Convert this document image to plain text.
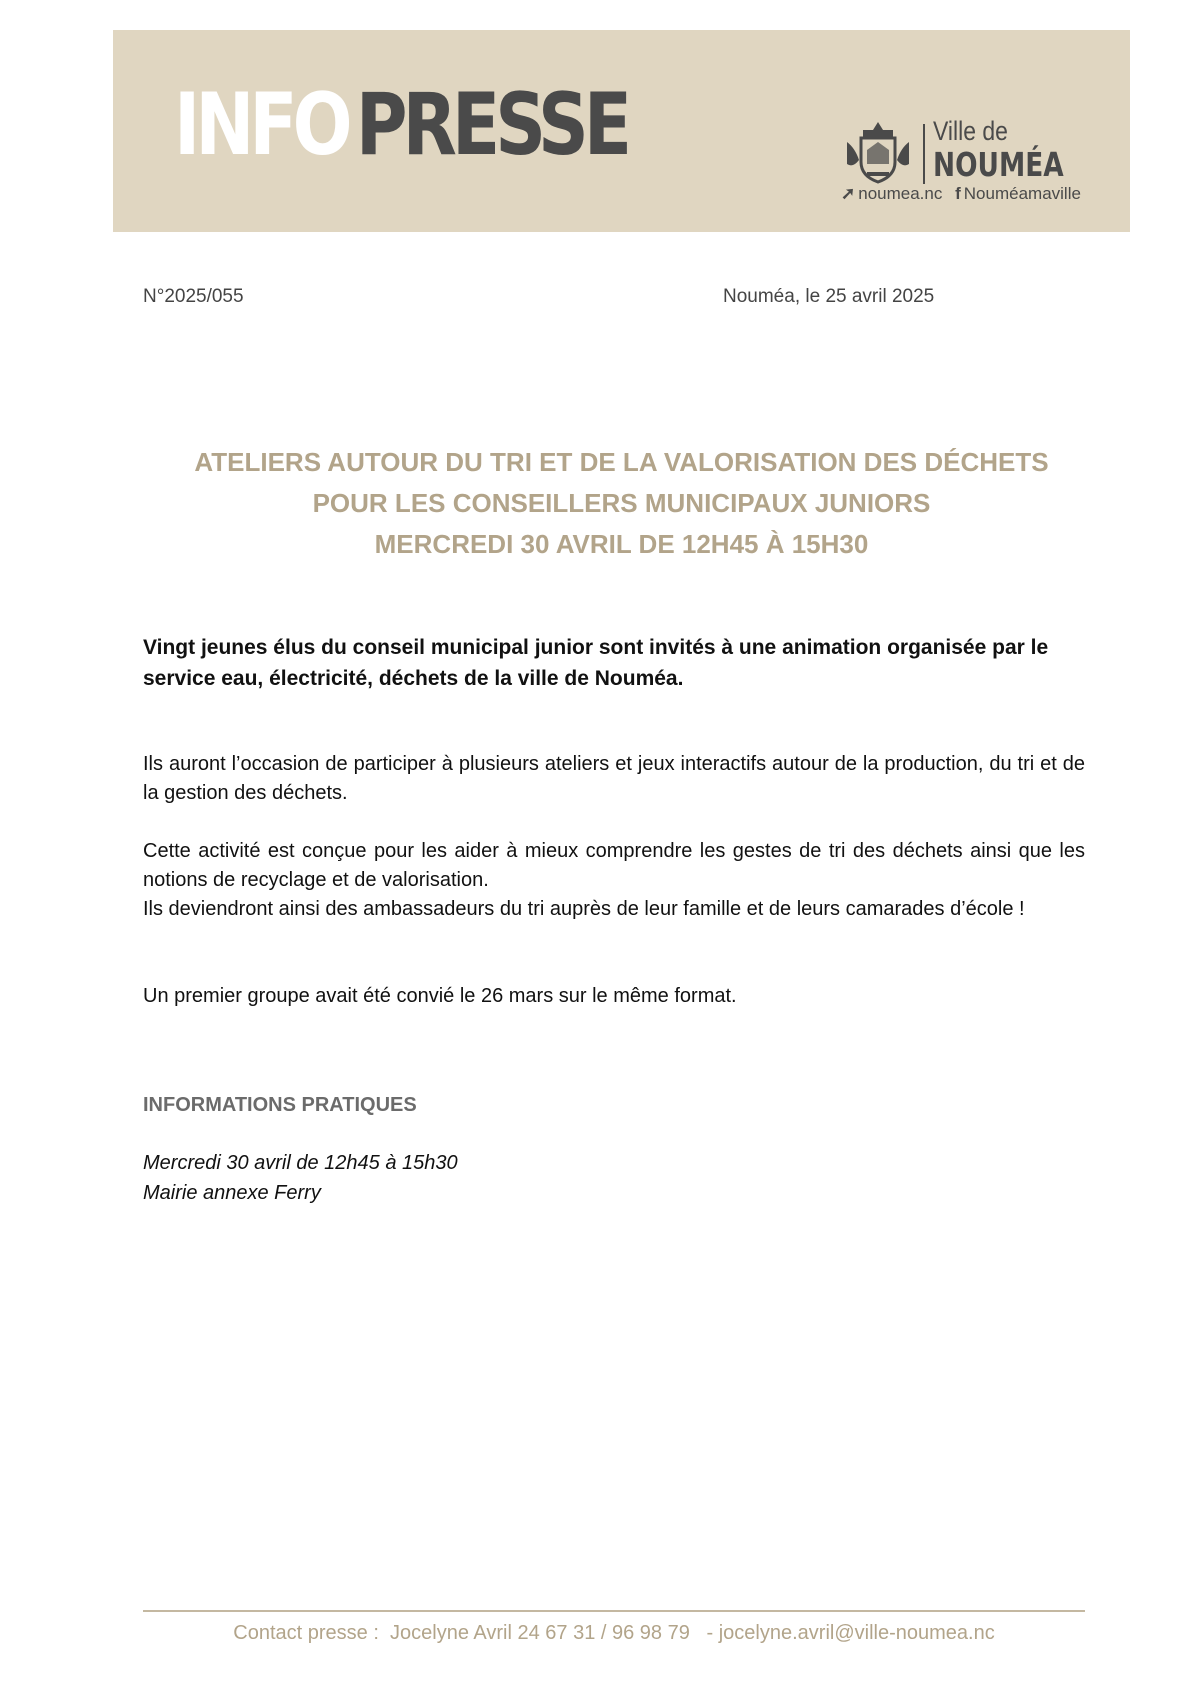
INFOPRESSE	Ville de
NOUMÉA
➚ noumea.nc f Nouméamaville
N°2025/055	Nouméa, le 25 avril 2025
ATELIERS AUTOUR DU TRI ET DE LA VALORISATION DES DÉCHETS
POUR LES CONSEILLERS MUNICIPAUX JUNIORS
MERCREDI 30 AVRIL DE 12H45 À 15H30
Vingt jeunes élus du conseil municipal junior sont invités à une animation organisée par le service eau, électricité, déchets de la ville de Nouméa.
Ils auront l’occasion de participer à plusieurs ateliers et jeux interactifs autour de la production, du tri et de la gestion des déchets.
Cette activité est conçue pour les aider à mieux comprendre les gestes de tri des déchets ainsi que les notions de recyclage et de valorisation.
Ils deviendront ainsi des ambassadeurs du tri auprès de leur famille et de leurs camarades d’école !
Un premier groupe avait été convié le 26 mars sur le même format.
INFORMATIONS PRATIQUES
Mercredi 30 avril de 12h45 à 15h30
Mairie annexe Ferry
Contact presse :  Jocelyne Avril 24 67 31 / 96 98 79   - jocelyne.avril@ville-noumea.nc
